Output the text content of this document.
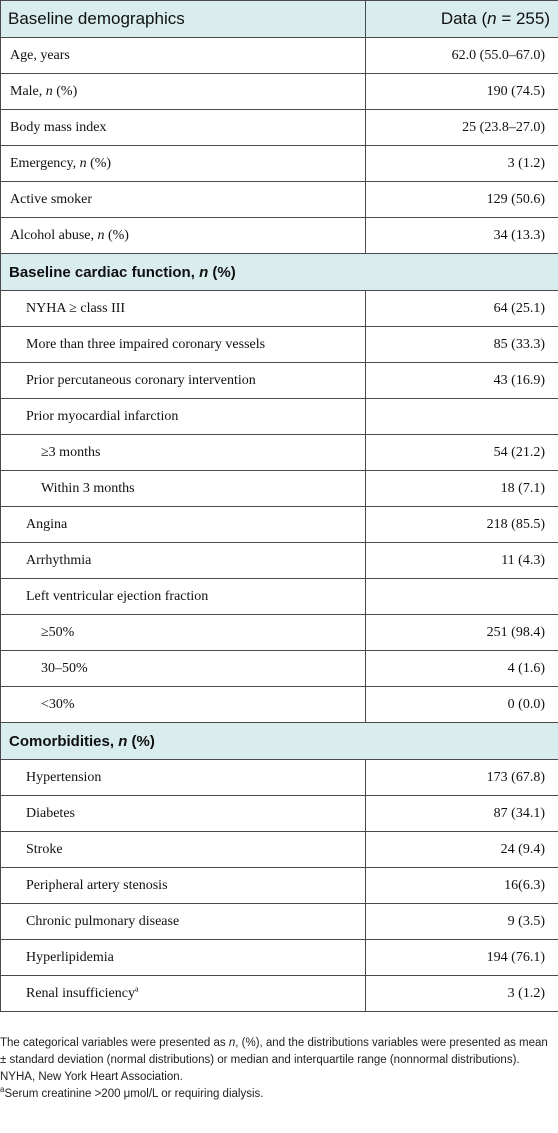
Baseline demographics	Data (n = 255)
Age, years	62.0 (55.0–67.0)
Male, n (%)	190 (74.5)
Body mass index	25 (23.8–27.0)
Emergency, n (%)	3 (1.2)
Active smoker	129 (50.6)
Alcohol abuse, n (%)	34 (13.3)
Baseline cardiac function, n (%)	
NYHA ≥ class III	64 (25.1)
More than three impaired coronary vessels	85 (33.3)
Prior percutaneous coronary intervention	43 (16.9)
Prior myocardial infarction	
≥3 months	54 (21.2)
Within 3 months	18 (7.1)
Angina	218 (85.5)
Arrhythmia	11 (4.3)
Left ventricular ejection fraction	
≥50%	251 (98.4)
30–50%	4 (1.6)
<30%	0 (0.0)
Comorbidities, n (%)	
Hypertension	173 (67.8)
Diabetes	87 (34.1)
Stroke	24 (9.4)
Peripheral artery stenosis	16(6.3)
Chronic pulmonary disease	9 (3.5)
Hyperlipidemia	194 (76.1)
Renal insufficiency$^a$	3 (1.2)

The categorical variables were presented as n, (%), and the distributions variables were presented as mean ± standard deviation (normal distributions) or median and interquartile range (nonnormal distributions).

NYHA, New York Heart Association.

$^a$Serum creatinine >200 μmol/L or requiring dialysis.
